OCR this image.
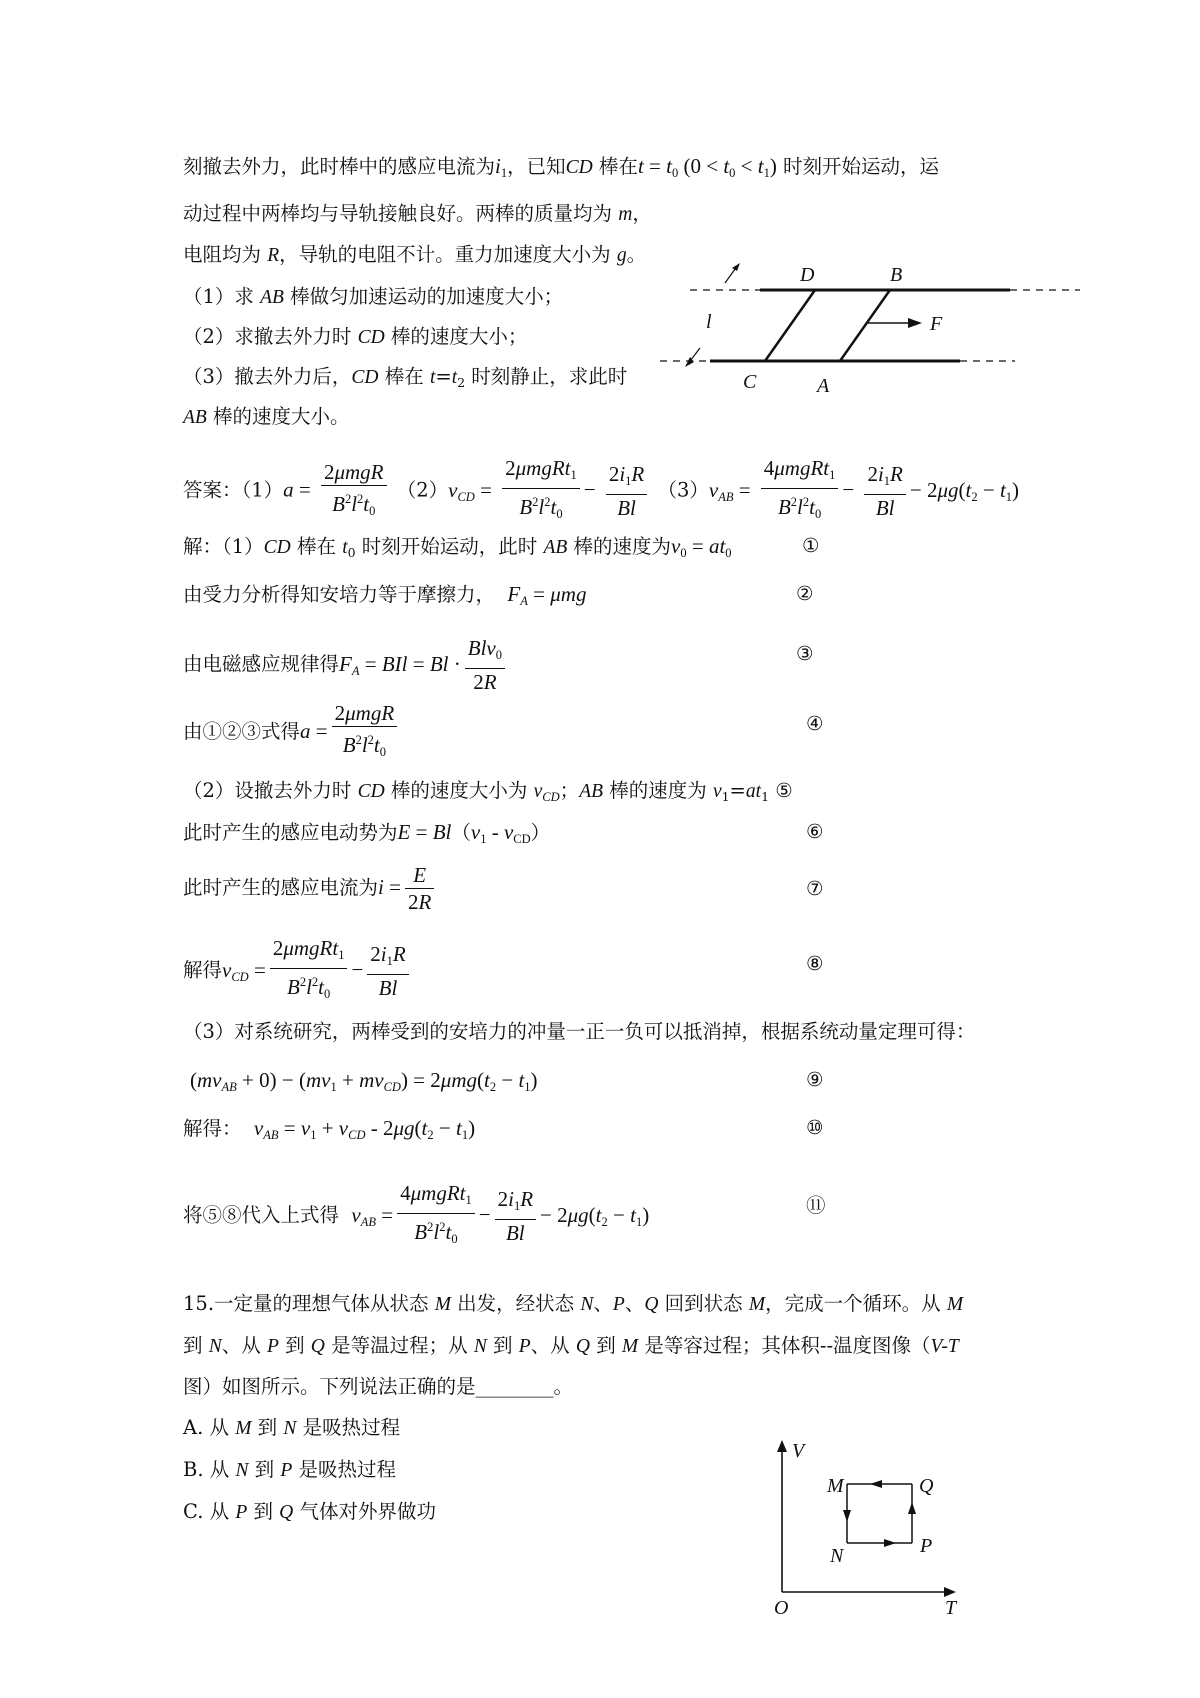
刻撤去外力，此时棒中的感应电流为$i_1$，已知CD 棒在$t = t_0$ $(0 < t_0 < t_1)$ 时刻开始运动，运
动过程中两棒均与导轨接触良好。两棒的质量均为 m，
电阻均为 R，导轨的电阻不计。重力加速度大小为 g。
（1）求 AB 棒做匀加速运动的加速度大小；
（2）求撤去外力时 CD 棒的速度大小；
（3）撤去外力后，CD 棒在 $t=t_2$ 时刻静止，求此时
AB 棒的速度大小。
D	B
C	A
F
l
答案：（1）a =
2μmgR
$B^2l^2t_0$
$(2)v_{CD}$ =
2μmgRt$_1$
$B^2l^2t_0$
− $\frac{2i_1R}{Bl} (3)v_{AB}$ =
4μmgRt$_1$
$B^2l^2t_0$
− $\frac{2i_1R}{Bl} - 2\mu g(t_2 - t_1)$
解：（1）CD 棒在 $t_0$ 时刻开始运动，此时 AB 棒的速度为$v_0 = at_0$	①
由受力分析得知安培力等于摩擦力， $F_A = \mu mg$	②
由电磁感应规律得$F_A$ = BIl = Bl ·
Blv$_0$
2R
③
由①②③式得a =
2μmgR
$B^2l^2t_0$
④
（2）设撤去外力时 CD 棒的速度大小为 $v_{CD}$；AB 棒的速度为 $v_1=at_1$ ⑤
此时产生的感应电动势为$E = Bl(v_1 - v_{CD})$	⑥
此时产生的感应电流为$i = \frac{E}{2R}$	⑦
解得$v_{CD}$ =
2μmgRt$_1$
$B^2l^2t_0$
− $\frac{2i_1R}{Bl}$	⑧
（3）对系统研究，两棒受到的安培力的冲量一正一负可以抵消掉，根据系统动量定理可得：
$(mv_{AB} + 0) - (mv_1 + mv_{CD}) = 2\mu mg(t_2 - t_1)$	⑨
解得： $v_{AB} = v_1 + v_{CD} - 2\mu g(t_2 - t_1)$	⑩
将⑤⑧代入上式得 $v_{AB}$ =
4μmgRt$_1$
$B^2l^2t_0$
− $\frac{2i_1R}{Bl} - 2\mu g(t_2 - t_1)$	⑪
15.一定量的理想气体从状态 M 出发，经状态 N、P、Q 回到状态 M，完成一个循环。从 M
到 N、从 P 到 Q 是等温过程；从 N 到 P、从 Q 到 M 是等容过程；其体积--温度图像（V-T
图）如图所示。下列说法正确的是________。
A. 从 M 到 N 是吸热过程
B. 从 N 到 P 是吸热过程
C. 从 P 到 Q 气体对外界做功
V
T
O
M
N	P
Q
